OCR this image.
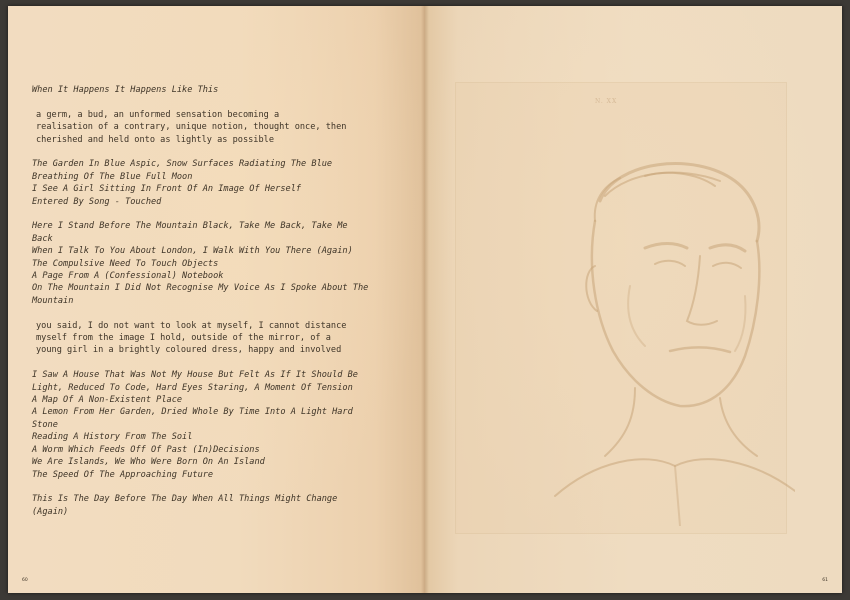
When It Happens It Happens Like This
a germ, a bud, an unformed sensation becoming a
realisation of a contrary, unique notion, thought once, then
cherished and held onto as lightly as possible
The Garden In Blue Aspic, Snow Surfaces Radiating The Blue
Breathing Of The Blue Full Moon
I See A Girl Sitting In Front Of An Image Of Herself
Entered By Song - Touched
Here I Stand Before The Mountain Black, Take Me Back, Take Me
Back
When I Talk To You About London, I Walk With You There (Again)
The Compulsive Need To Touch Objects
A Page From A (Confessional) Notebook
On The Mountain I Did Not Recognise My Voice As I Spoke About The
Mountain
you said, I do not want to look at myself, I cannot distance
myself from the image I hold, outside of the mirror, of a
young girl in a brightly coloured dress, happy and involved
I Saw A House That Was Not My House But Felt As If It Should Be
Light, Reduced To Code, Hard Eyes Staring, A Moment Of Tension
A Map Of A Non-Existent Place
A Lemon From Her Garden, Dried Whole By Time Into A Light Hard
Stone
Reading A History From The Soil
A Worm Which Feeds Off Of Past (In)Decisions
We Are Islands, We Who Were Born On An Island
The Speed Of The Approaching Future
This Is The Day Before The Day When All Things Might Change
(Again)
60
N. XX
61
